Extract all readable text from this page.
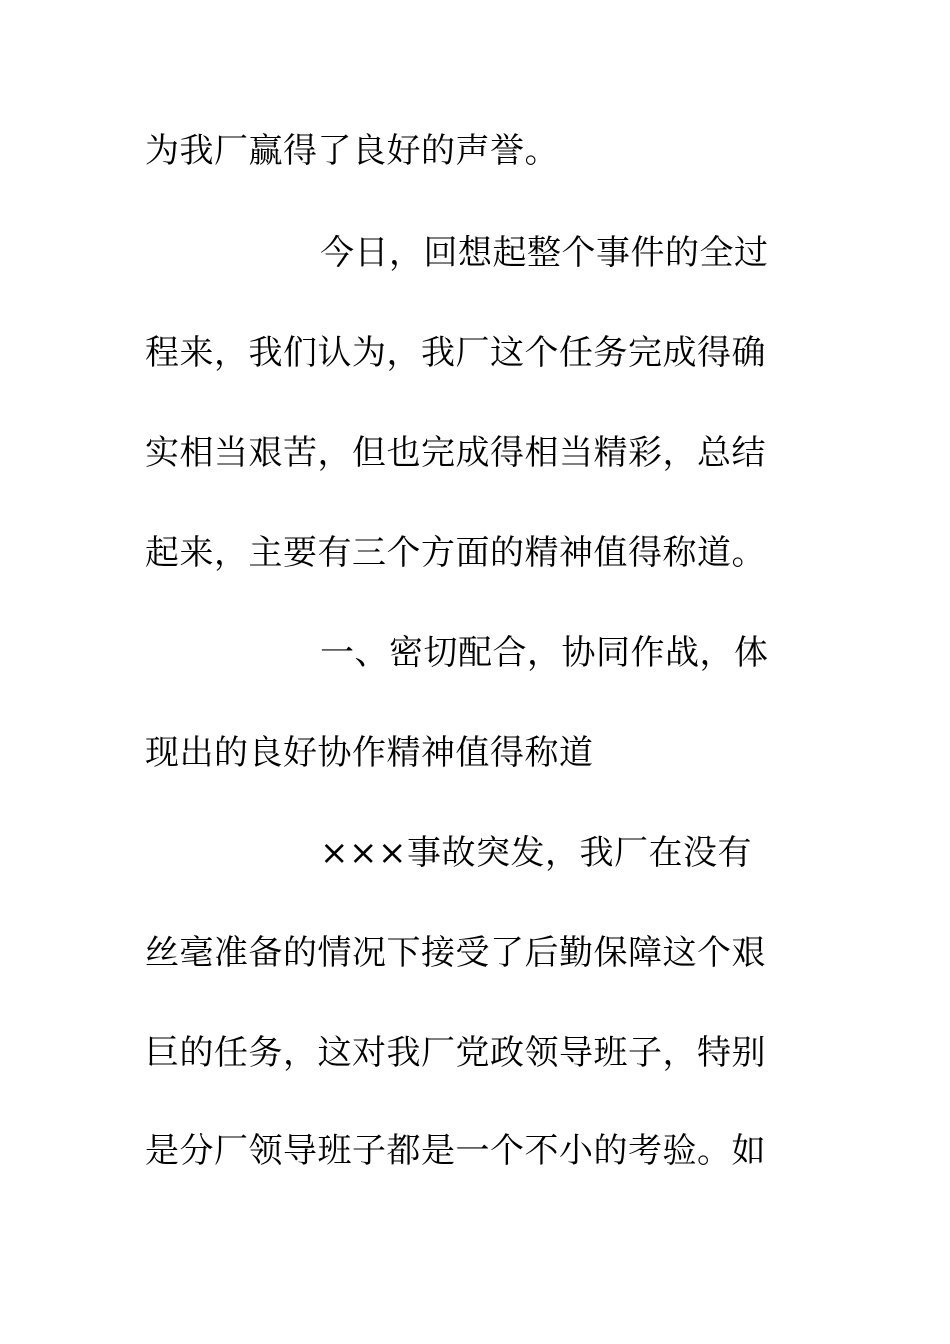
为我厂赢得了良好的声誉。

今日，回想起整个事件的全过

程来，我们认为，我厂这个任务完成得确

实相当艰苦，但也完成得相当精彩，总结

起来，主要有三个方面的精神值得称道。

一、密切配合，协同作战，体

现出的良好协作精神值得称道

×××事故突发，我厂在没有

丝毫准备的情况下接受了后勤保障这个艰

巨的任务，这对我厂党政领导班子，特别

是分厂领导班子都是一个不小的考验。如
